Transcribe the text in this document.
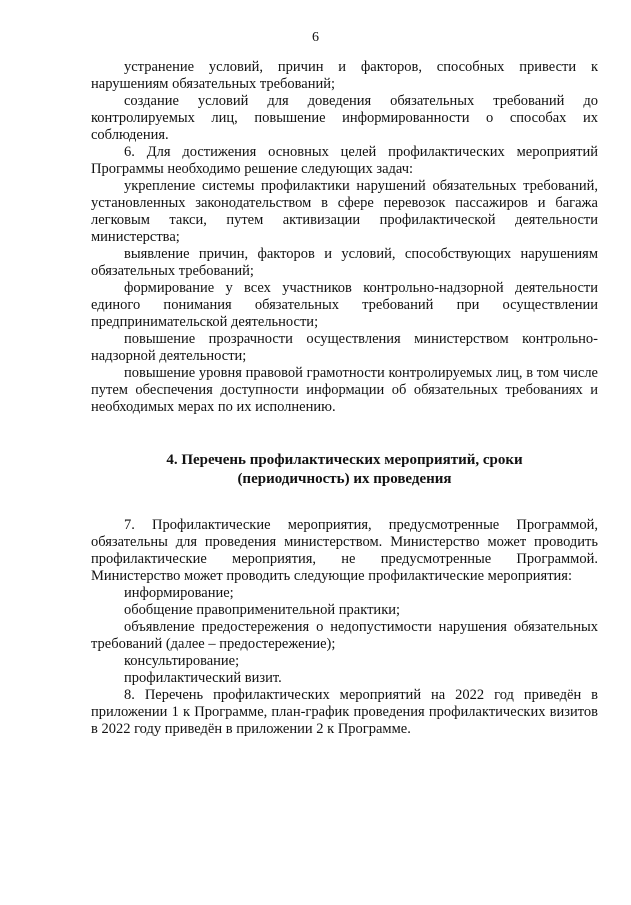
6

устранение условий, причин и факторов, способных привести к нарушениям обязательных требований;

создание условий для доведения обязательных требований до контролируемых лиц, повышение информированности о способах их соблюдения.

6. Для достижения основных целей профилактических мероприятий Программы необходимо решение следующих задач:

укрепление системы профилактики нарушений обязательных требований, установленных законодательством в сфере перевозок пассажиров и багажа легковым такси, путем активизации профилактической деятельности министерства;

выявление причин, факторов и условий, способствующих нарушениям обязательных требований;

формирование у всех участников контрольно-надзорной деятельности единого понимания обязательных требований при осуществлении предпринимательской деятельности;

повышение прозрачности осуществления министерством контрольно-надзорной деятельности;

повышение уровня правовой грамотности контролируемых лиц, в том числе путем обеспечения доступности информации об обязательных требованиях и необходимых мерах по их исполнению.

4. Перечень профилактических мероприятий, сроки
(периодичность) их проведения

7. Профилактические мероприятия, предусмотренные Программой, обязательны для проведения министерством. Министерство может проводить профилактические мероприятия, не предусмотренные Программой. Министерство может проводить следующие профилактические мероприятия:

информирование;

обобщение правоприменительной практики;

объявление предостережения о недопустимости нарушения обязательных требований (далее – предостережение);

консультирование;

профилактический визит.

8. Перечень профилактических мероприятий на 2022 год приведён в приложении 1 к Программе, план-график проведения профилактических визитов в 2022 году приведён в приложении 2 к Программе.
